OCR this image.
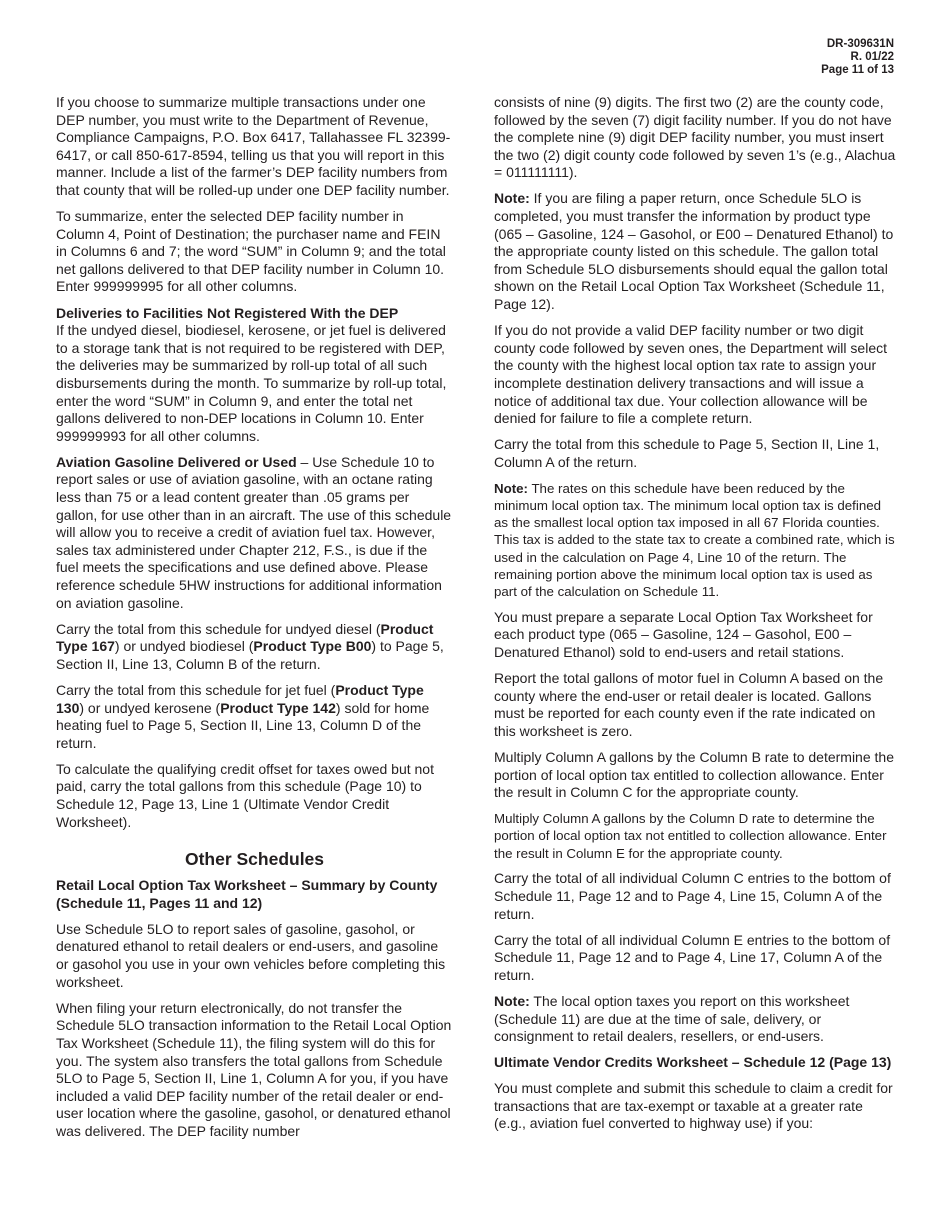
DR-309631N
R. 01/22
Page 11 of 13

If you choose to summarize multiple transactions under one DEP number, you must write to the Department of Revenue, Compliance Campaigns, P.O. Box 6417, Tallahassee FL 32399-6417, or call 850-617-8594, telling us that you will report in this manner. Include a list of the farmer’s DEP facility numbers from that county that will be rolled-up under one DEP facility number.

To summarize, enter the selected DEP facility number in Column 4, Point of Destination; the purchaser name and FEIN in Columns 6 and 7; the word “SUM” in Column 9; and the total net gallons delivered to that DEP facility number in Column 10. Enter 999999995 for all other columns.

Deliveries to Facilities Not Registered With the DEP
If the undyed diesel, biodiesel, kerosene, or jet fuel is delivered to a storage tank that is not required to be registered with DEP, the deliveries may be summarized by roll-up total of all such disbursements during the month. To summarize by roll-up total, enter the word “SUM” in Column 9, and enter the total net gallons delivered to non-DEP locations in Column 10. Enter 999999993 for all other columns.

Aviation Gasoline Delivered or Used – Use Schedule 10 to report sales or use of aviation gasoline, with an octane rating less than 75 or a lead content greater than .05 grams per gallon, for use other than in an aircraft. The use of this schedule will allow you to receive a credit of aviation fuel tax. However, sales tax administered under Chapter 212, F.S., is due if the fuel meets the specifications and use defined above. Please reference schedule 5HW instructions for additional information on aviation gasoline.

Carry the total from this schedule for undyed diesel (Product Type 167) or undyed biodiesel (Product Type B00) to Page 5, Section II, Line 13, Column B of the return.

Carry the total from this schedule for jet fuel (Product Type 130) or undyed kerosene (Product Type 142) sold for home heating fuel to Page 5, Section II, Line 13, Column D of the return.

To calculate the qualifying credit offset for taxes owed but not paid, carry the total gallons from this schedule (Page 10) to Schedule 12, Page 13, Line 1 (Ultimate Vendor Credit Worksheet).

Other Schedules

Retail Local Option Tax Worksheet – Summary by County (Schedule 11, Pages 11 and 12)

Use Schedule 5LO to report sales of gasoline, gasohol, or denatured ethanol to retail dealers or end-users, and gasoline or gasohol you use in your own vehicles before completing this worksheet.

When filing your return electronically, do not transfer the Schedule 5LO transaction information to the Retail Local Option Tax Worksheet (Schedule 11), the filing system will do this for you. The system also transfers the total gallons from Schedule 5LO to Page 5, Section II, Line 1, Column A for you, if you have included a valid DEP facility number of the retail dealer or end-user location where the gasoline, gasohol, or denatured ethanol was delivered. The DEP facility number

consists of nine (9) digits. The first two (2) are the county code, followed by the seven (7) digit facility number. If you do not have the complete nine (9) digit DEP facility number, you must insert the two (2) digit county code followed by seven 1’s (e.g., Alachua = 011111111).

Note: If you are filing a paper return, once Schedule 5LO is completed, you must transfer the information by product type (065 – Gasoline, 124 – Gasohol, or E00 – Denatured Ethanol) to the appropriate county listed on this schedule. The gallon total from Schedule 5LO disbursements should equal the gallon total shown on the Retail Local Option Tax Worksheet (Schedule 11, Page 12).

If you do not provide a valid DEP facility number or two digit county code followed by seven ones, the Department will select the county with the highest local option tax rate to assign your incomplete destination delivery transactions and will issue a notice of additional tax due. Your collection allowance will be denied for failure to file a complete return.

Carry the total from this schedule to Page 5, Section II, Line 1, Column A of the return.

Note: The rates on this schedule have been reduced by the minimum local option tax. The minimum local option tax is defined as the smallest local option tax imposed in all 67 Florida counties. This tax is added to the state tax to create a combined rate, which is used in the calculation on Page 4, Line 10 of the return. The remaining portion above the minimum local option tax is used as part of the calculation on Schedule 11.

You must prepare a separate Local Option Tax Worksheet for each product type (065 – Gasoline, 124 – Gasohol, E00 – Denatured Ethanol) sold to end-users and retail stations.

Report the total gallons of motor fuel in Column A based on the county where the end-user or retail dealer is located. Gallons must be reported for each county even if the rate indicated on this worksheet is zero.

Multiply Column A gallons by the Column B rate to determine the portion of local option tax entitled to collection allowance. Enter the result in Column C for the appropriate county.

Multiply Column A gallons by the Column D rate to determine the portion of local option tax not entitled to collection allowance. Enter the result in Column E for the appropriate county.

Carry the total of all individual Column C entries to the bottom of Schedule 11, Page 12 and to Page 4, Line 15, Column A of the return.

Carry the total of all individual Column E entries to the bottom of Schedule 11, Page 12 and to Page 4, Line 17, Column A of the return.

Note: The local option taxes you report on this worksheet (Schedule 11) are due at the time of sale, delivery, or consignment to retail dealers, resellers, or end-users.

Ultimate Vendor Credits Worksheet – Schedule 12 (Page 13)

You must complete and submit this schedule to claim a credit for transactions that are tax-exempt or taxable at a greater rate (e.g., aviation fuel converted to highway use) if you:
